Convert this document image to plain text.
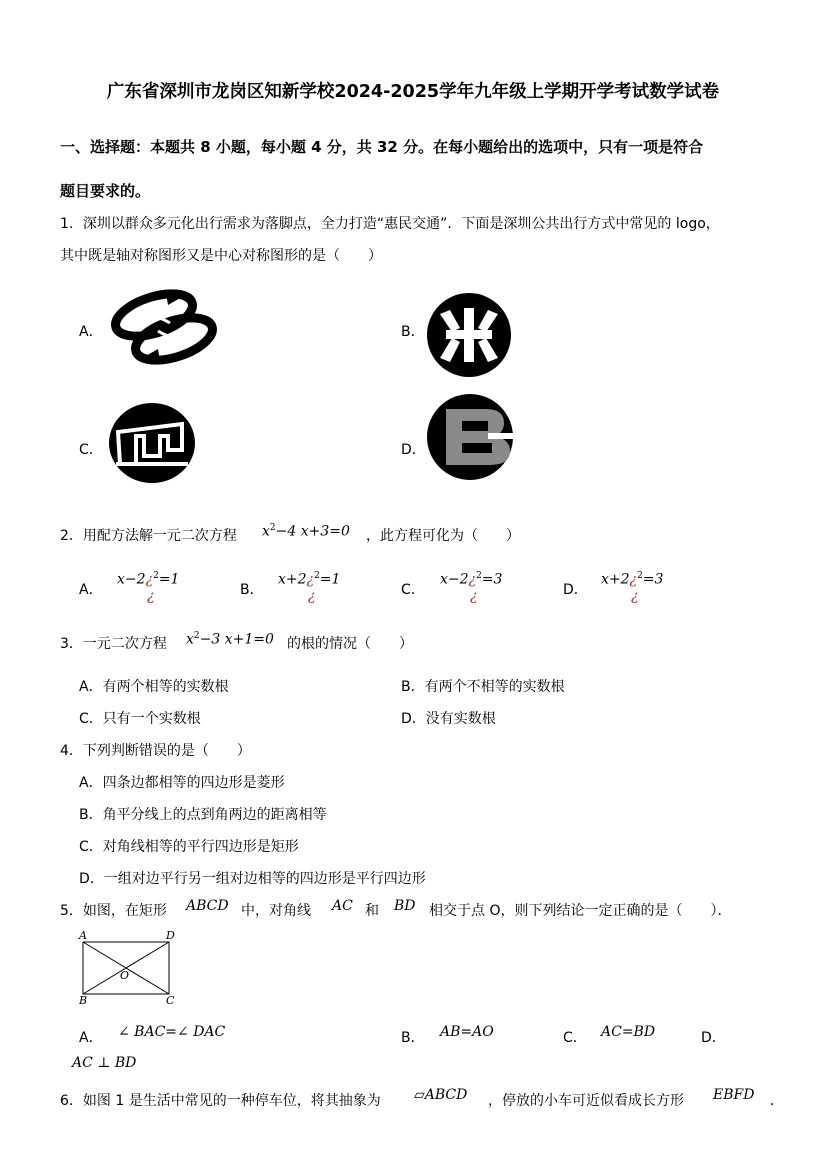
广东省深圳市龙岗区知新学校2024-2025学年九年级上学期开学考试数学试卷
一、选择题：本题共 8 小题，每小题 4 分，共 32 分。在每小题给出的选项中，只有一项是符合
题目要求的。
1．深圳以群众多元化出行需求为落脚点，全力打造“惠民交通”．下面是深圳公共出行方式中常见的 logo，
其中既是轴对称图形又是中心对称图形的是（　　）
A．	B．
C．	D．
2．用配方法解一元二次方程 $x^2-4$ x+3=0 ，此方程可化为（　　）
A．
x−2¿$^2$=1
¿	B．
x+2¿$^2$=1
¿	C．
x−2¿$^2$=3
¿	D．
x+2¿$^2$=3
¿
3．一元二次方程 $x^2-3$ x+1=0 的根的情况（　　）
A．有两个相等的实数根	B．有两个不相等的实数根
C．只有一个实数根	D．没有实数根
4．下列判断错误的是（　　）
A．四条边都相等的四边形是菱形
B．角平分线上的点到角两边的距离相等
C．对角线相等的平行四边形是矩形
D．一组对边平行另一组对边相等的四边形是平行四边形
5．如图，在矩形 ABCD 中，对角线 AC 和 BD 相交于点 O，则下列结论一定正确的是（　　）．
A	D
O
B	C
A． ∠ BAC=∠ DAC	B． AB=AO	C． AC=BD	D．
AC ⊥ BD
6．如图 1 是生活中常见的一种停车位，将其抽象为 ▱ABCD ，停放的小车可近似看成长方形 EBFD ．
